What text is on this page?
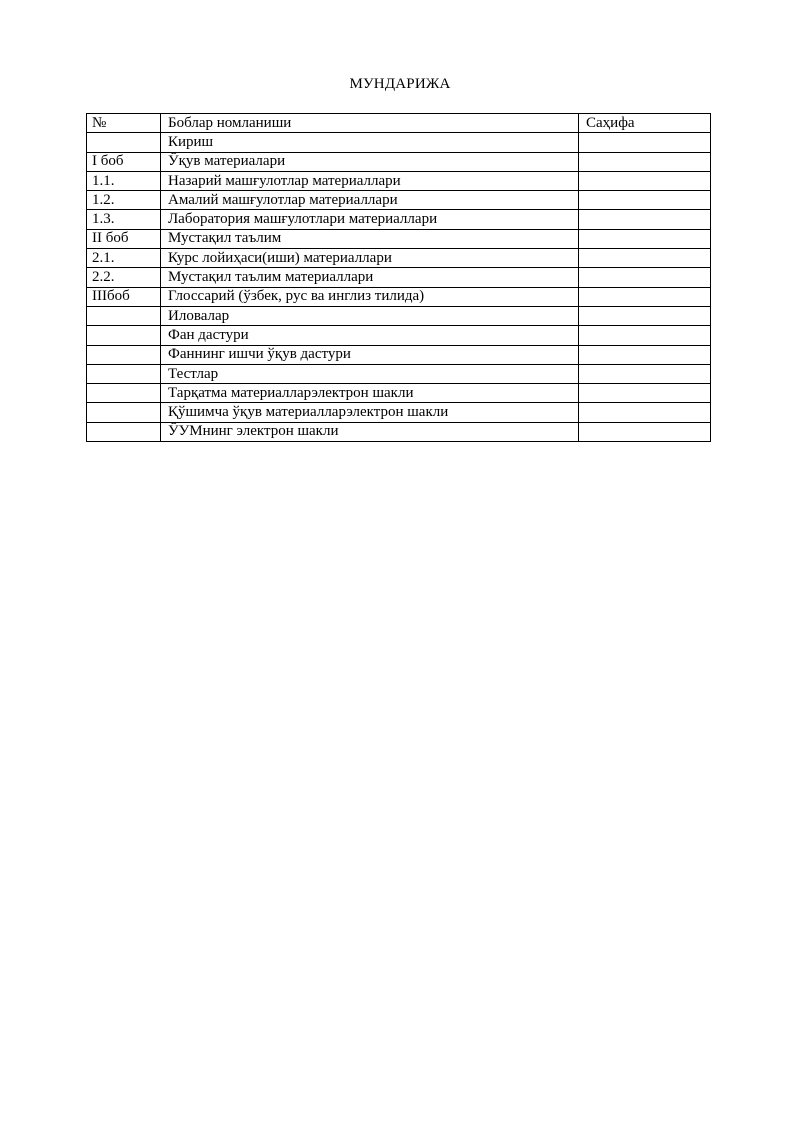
МУНДАРИЖА
№	Боблар номланиши	Саҳифа
	Кириш	
I боб	Ўқув материалари	
1.1.	Назарий машғулотлар материаллари	
1.2.	Амалий машғулотлар материаллари	
1.3.	Лаборатория машғулотлари материаллари	
II боб	Мустақил таълим	
2.1.	Курс лойиҳаси(иши) материаллари	
2.2.	Мустақил таълим материаллари	
IIIбоб	Глоссарий (ўзбек, рус ва инглиз тилида)	
	Иловалар	
	Фан дастури	
	Фаннинг ишчи ўқув дастури	
	Тестлар	
	Тарқатма материалларэлектрон шакли	
	Қўшимча ўқув материалларэлектрон шакли	
	ЎУМнинг электрон шакли	
